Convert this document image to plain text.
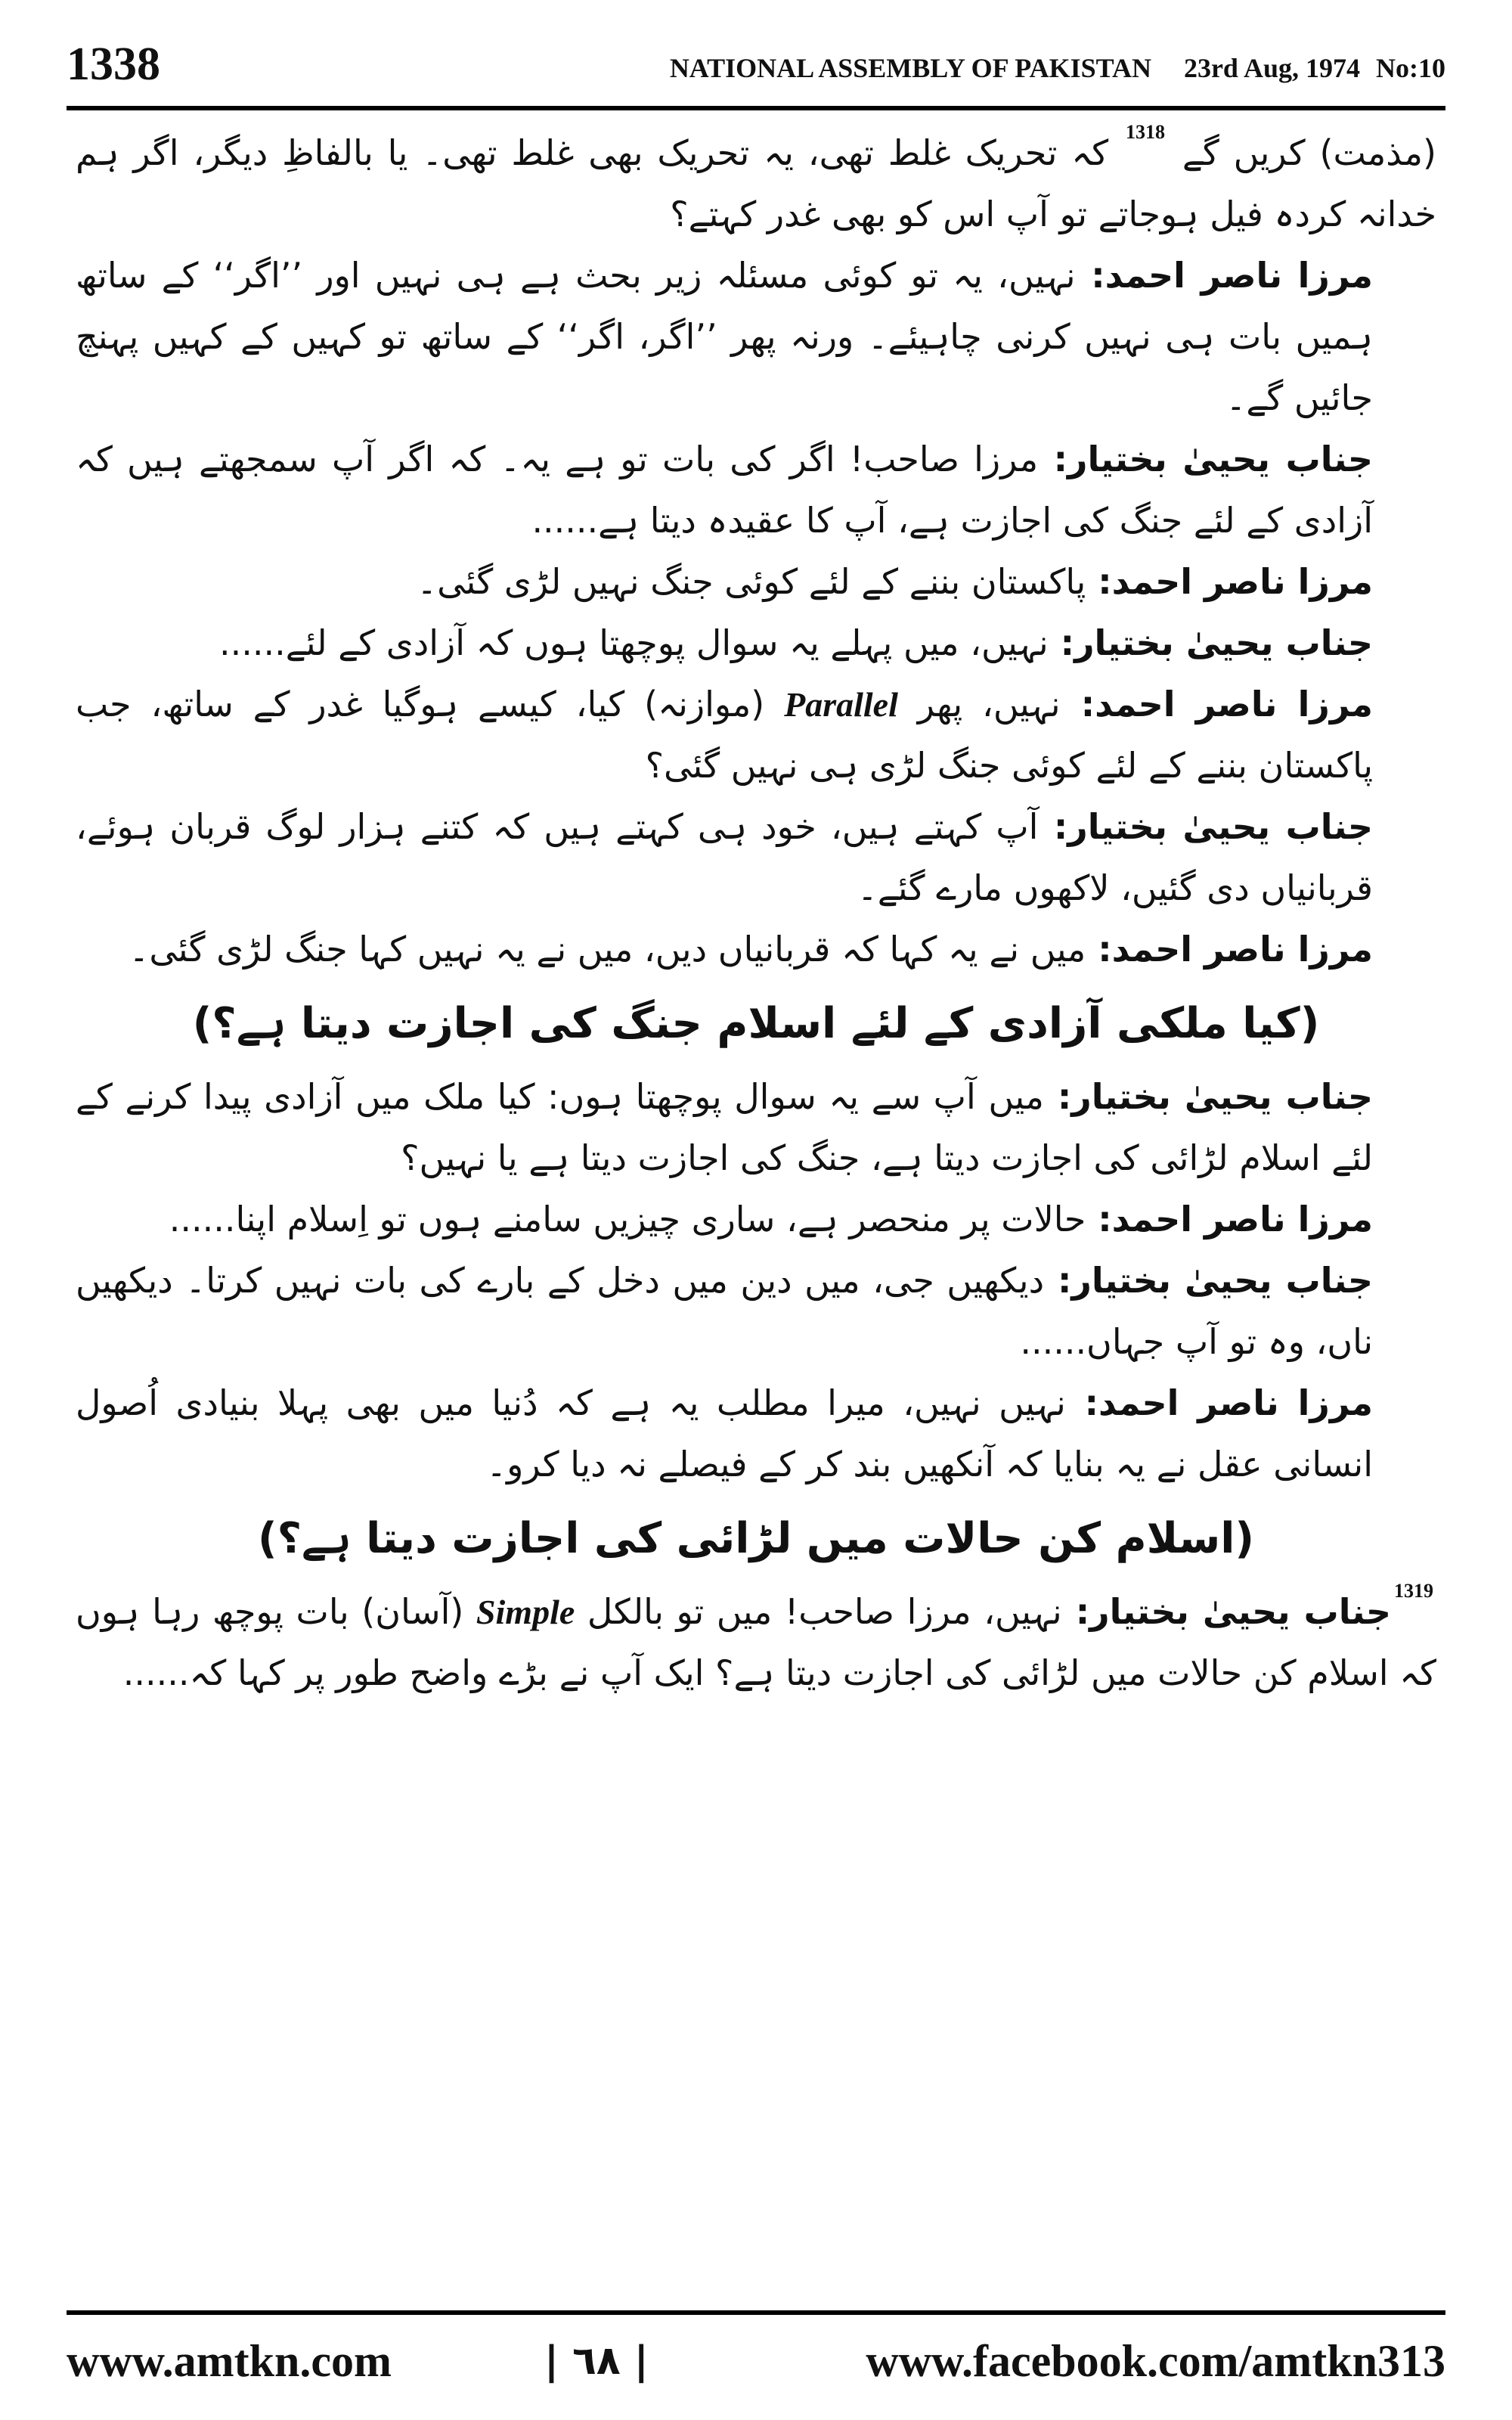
1338	NATIONAL ASSEMBLY OF PAKISTAN 23rd Aug, 1974 No:10

(مذمت) کریں گے $^{1318}$ کہ تحریک غلط تھی، یہ تحریک بھی غلط تھی۔ یا بالفاظِ دیگر، اگر ہم خدانہ کردہ فیل ہوجاتے تو آپ اس کو بھی غدر کہتے؟

مرزا ناصر احمد:نہیں، یہ تو کوئی مسئلہ زیر بحث ہے ہی نہیں اور ’’اگر‘‘ کے ساتھ ہمیں بات ہی نہیں کرنی چاہیئے۔ ورنہ پھر ’’اگر، اگر‘‘ کے ساتھ تو کہیں کے کہیں پہنچ جائیں گے۔

جناب یحییٰ بختیار:مرزا صاحب! اگر کی بات تو ہے یہ۔ کہ اگر آپ سمجھتے ہیں کہ آزادی کے لئے جنگ کی اجازت ہے، آپ کا عقیدہ دیتا ہے......

مرزا ناصر احمد:پاکستان بننے کے لئے کوئی جنگ نہیں لڑی گئی۔

جناب یحییٰ بختیار:نہیں، میں پہلے یہ سوال پوچھتا ہوں کہ آزادی کے لئے......

مرزا ناصر احمد:نہیں، پھر Parallel (موازنہ) کیا، کیسے ہوگیا غدر کے ساتھ، جب پاکستان بننے کے لئے کوئی جنگ لڑی ہی نہیں گئی؟

جناب یحییٰ بختیار:آپ کہتے ہیں، خود ہی کہتے ہیں کہ کتنے ہزار لوگ قربان ہوئے، قربانیاں دی گئیں، لاکھوں مارے گئے۔

مرزا ناصر احمد:میں نے یہ کہا کہ قربانیاں دیں، میں نے یہ نہیں کہا جنگ لڑی گئی۔

(کیا ملکی آزادی کے لئے اسلام جنگ کی اجازت دیتا ہے؟)

جناب یحییٰ بختیار:میں آپ سے یہ سوال پوچھتا ہوں: کیا ملک میں آزادی پیدا کرنے کے لئے اسلام لڑائی کی اجازت دیتا ہے، جنگ کی اجازت دیتا ہے یا نہیں؟

مرزا ناصر احمد:حالات پر منحصر ہے، ساری چیزیں سامنے ہوں تو اِسلام اپنا......

جناب یحییٰ بختیار:دیکھیں جی، میں دین میں دخل کے بارے کی بات نہیں کرتا۔ دیکھیں ناں، وہ تو آپ جہاں......

مرزا ناصر احمد:نہیں نہیں، میرا مطلب یہ ہے کہ دُنیا میں بھی پہلا بنیادی اُصول انسانی عقل نے یہ بنایا کہ آنکھیں بند کر کے فیصلے نہ دیا کرو۔

(اسلام کن حالات میں لڑائی کی اجازت دیتا ہے؟)

$^{1319}$جناب یحییٰ بختیار:نہیں، مرزا صاحب! میں تو بالکل Simple (آسان) بات پوچھ رہا ہوں کہ اسلام کن حالات میں لڑائی کی اجازت دیتا ہے؟ ایک آپ نے بڑے واضح طور پر کہا کہ......

www.amtkn.com	| ٦٨ |	www.facebook.com/amtkn313
